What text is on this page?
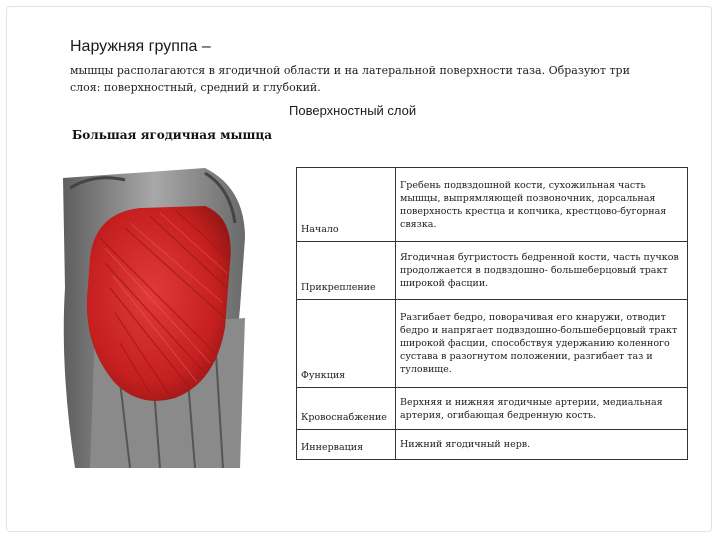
Наружняя группа –
мышцы располагаются в ягодичной области и на латеральной поверхности таза. Образуют три слоя: поверхностный, средний и глубокий.
Поверхностный слой
Большая ягодичная мышца
Начало	Гребень подвздошной кости, сухожильная часть мышцы, выпрямляющей позвоночник, дорсальная поверхность крестца и копчика, крестцово-бугорная связка.
Прикрепление	Ягодичная бугристость бедренной кости, часть пучков продолжается в подвздошно- большеберцовый тракт широкой фасции.
Функция	Разгибает бедро, поворачивая его кнаружи, отводит бедро и напрягает подвздошно-большеберцовый тракт широкой фасции, способствуя удержанию коленного сустава в разогнутом положении, разгибает таз и туловище.
Кровоснабжение	Верхняя и нижняя ягодичные артерии, медиальная артерия, огибающая бедренную кость.
Иннервация	Нижний ягодичный нерв.
